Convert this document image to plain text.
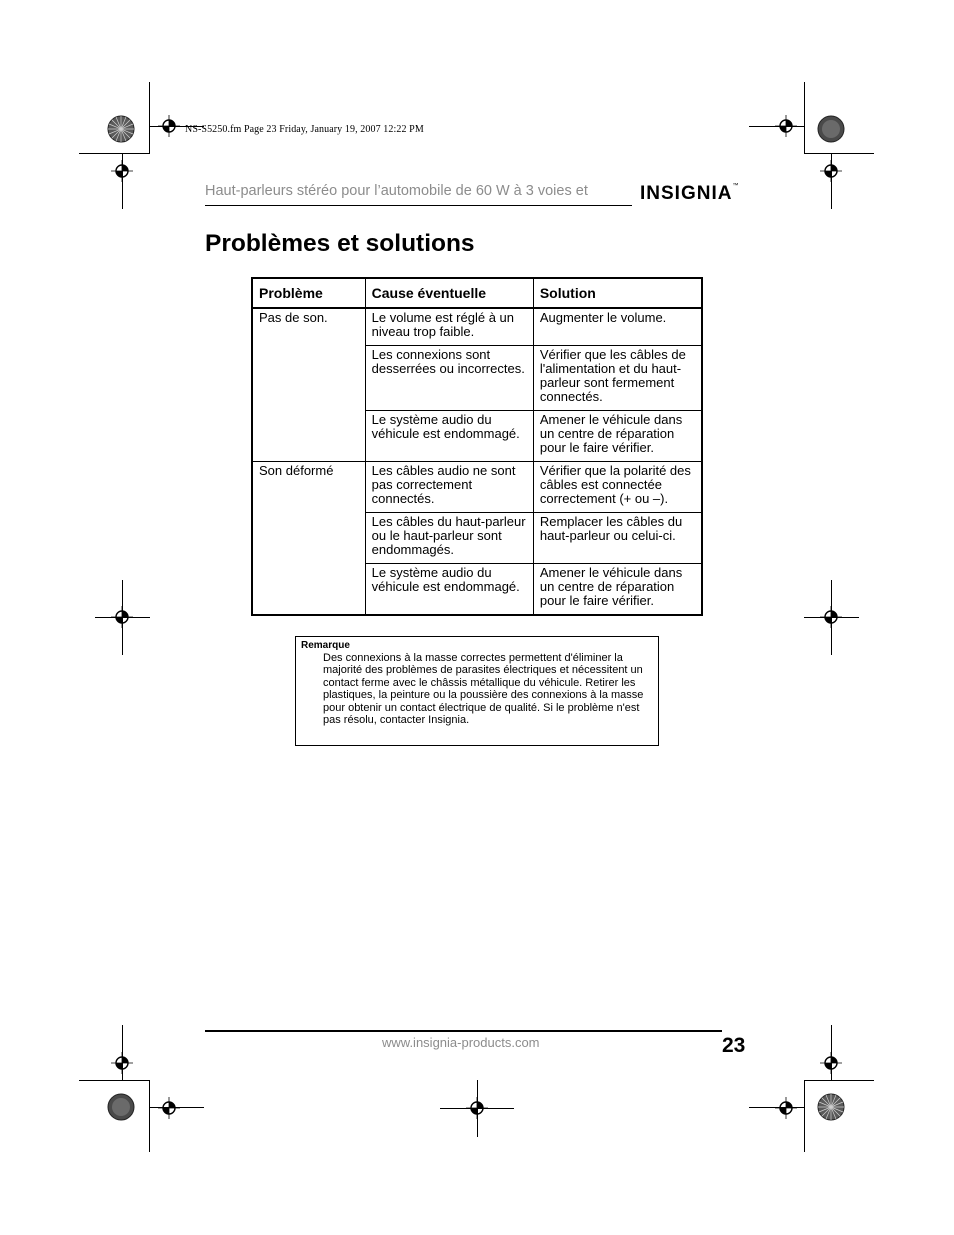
NS-S5250.fm Page 23 Friday, January 19, 2007 12:22 PM
Haut-parleurs stéréo pour l’automobile de 60 W à 3 voies et	INSIGNIA™
Problèmes et solutions
Problème	Cause éventuelle	Solution
Pas de son.	Le volume est réglé à un niveau trop faible.	Augmenter le volume.
	Les connexions sont desserrées ou incorrectes.	Vérifier que les câbles de l'alimentation et du haut-parleur sont fermement connectés.
	Le système audio du véhicule est endommagé.	Amener le véhicule dans un centre de réparation pour le faire vérifier.
Son déformé	Les câbles audio ne sont pas correctement connectés.	Vérifier que la polarité des câbles est connectée correctement (+ ou –).
	Les câbles du haut-parleur ou le haut-parleur sont endommagés.	Remplacer les câbles du haut-parleur ou celui-ci.
	Le système audio du véhicule est endommagé.	Amener le véhicule dans un centre de réparation pour le faire vérifier.
Remarque
Des connexions à la masse correctes permettent d'éliminer la majorité des problèmes de parasites électriques et nécessitent un contact ferme avec le châssis métallique du véhicule. Retirer les plastiques, la peinture ou la poussière des connexions à la masse pour obtenir un contact électrique de qualité. Si le problème n'est pas résolu, contacter Insignia.
www.insignia-products.com	23
